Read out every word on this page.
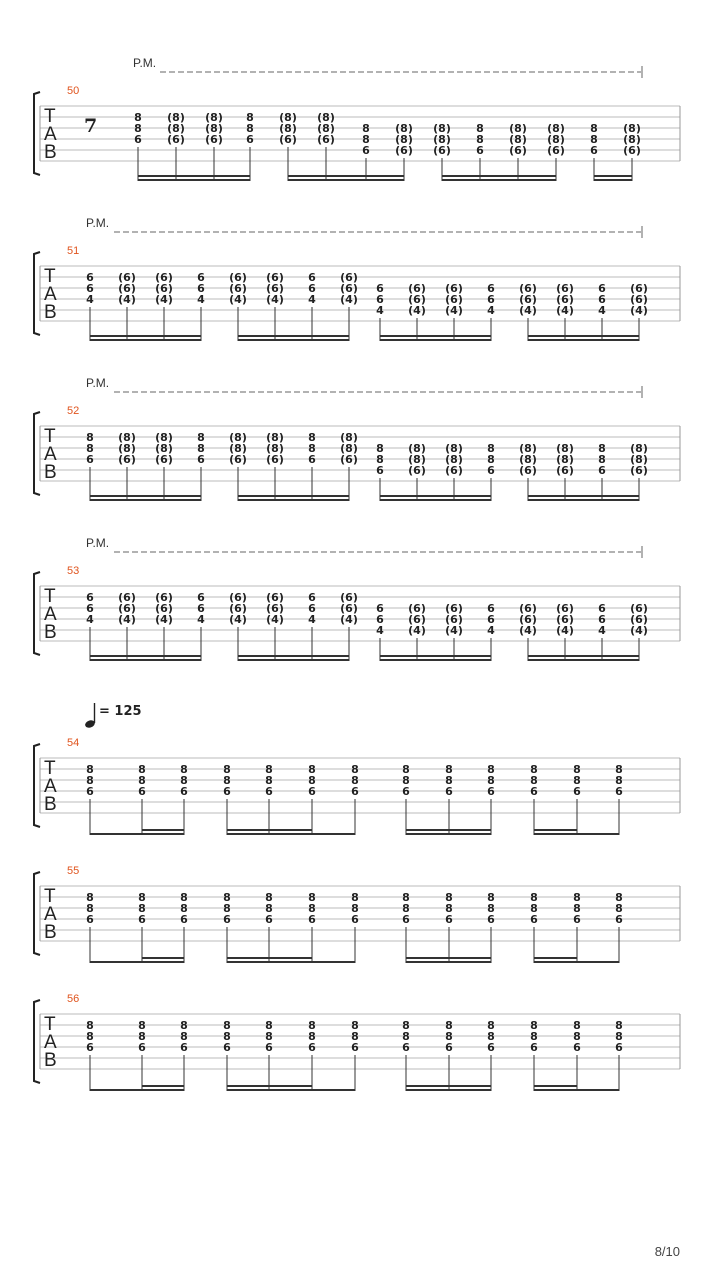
T
A
B
50
P.M.
7	8
8
6
(8)
(8)
(6)
(8)
(8)
(6)
8
8
6
(8)
(8)
(6)
(8)
(8)
(6)
8
8
6
(8)
(8)
(6)
(8)
(8)
(6)
8
8
6
(8)
(8)
(6)
(8)
(8)
(6)
8
8
6
(8)
(8)
(6)
T
A
B
51
P.M.
6
6
4
(6)
(6)
(4)
(6)
(6)
(4)
6
6
4
(6)
(6)
(4)
(6)
(6)
(4)
6
6
4
(6)
(6)
(4)
6
6
4
(6)
(6)
(4)
(6)
(6)
(4)
6
6
4
(6)
(6)
(4)
(6)
(6)
(4)
6
6
4
(6)
(6)
(4)
T
A
B
52
P.M.
8
8
6
(8)
(8)
(6)
(8)
(8)
(6)
8
8
6
(8)
(8)
(6)
(8)
(8)
(6)
8
8
6
(8)
(8)
(6)
8
8
6
(8)
(8)
(6)
(8)
(8)
(6)
8
8
6
(8)
(8)
(6)
(8)
(8)
(6)
8
8
6
(8)
(8)
(6)
T
A
B
53
P.M.
6
6
4
(6)
(6)
(4)
(6)
(6)
(4)
6
6
4
(6)
(6)
(4)
(6)
(6)
(4)
6
6
4
(6)
(6)
(4)
6
6
4
(6)
(6)
(4)
(6)
(6)
(4)
6
6
4
(6)
(6)
(4)
(6)
(6)
(4)
6
6
4
(6)
(6)
(4)
T
A
B
54
8
8
6
8
8
6
8
8
6
8
8
6
8
8
6
8
8
6
8
8
6
8
8
6
8
8
6
8
8
6
8
8
6
8
8
6
8
8
6
= 125
T
A
B
55
8
8
6
8
8
6
8
8
6
8
8
6
8
8
6
8
8
6
8
8
6
8
8
6
8
8
6
8
8
6
8
8
6
8
8
6
8
8
6
T
A
B
56
8
8
6
8
8
6
8
8
6
8
8
6
8
8
6
8
8
6
8
8
6
8
8
6
8
8
6
8
8
6
8
8
6
8
8
6
8
8
6
8/10
